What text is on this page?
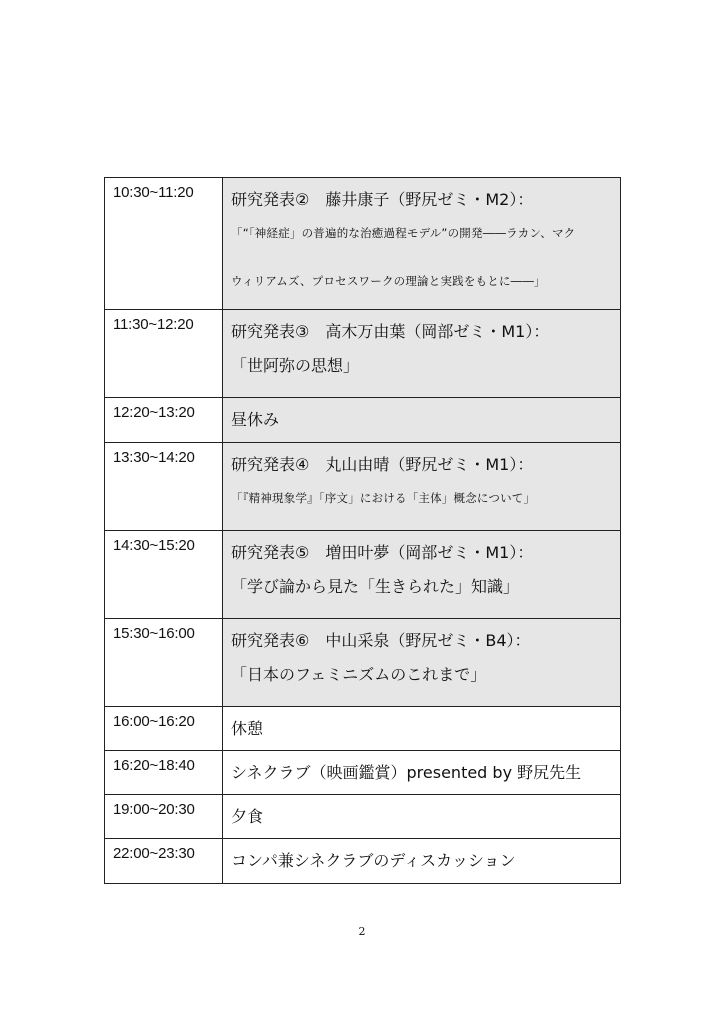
10:30~11:20	研究発表②　藤井康子（野尻ゼミ・M2）：
「“「神経症」の普遍的な治癒過程モデル”の開発――ラカン、マク
ウィリアムズ、プロセスワークの理論と実践をもとに――」

11:30~12:20	研究発表③　高木万由葉（岡部ゼミ・M1）：
「世阿弥の思想」

12:20~13:20	昼休み

13:30~14:20	研究発表④　丸山由晴（野尻ゼミ・M1）：
「『精神現象学』「序文」における「主体」概念について」

14:30~15:20	研究発表⑤　増田叶夢（岡部ゼミ・M1）：
「学び論から見た「生きられた」知識」

15:30~16:00	研究発表⑥　中山采泉（野尻ゼミ・B4）：
「日本のフェミニズムのこれまで」

16:00~16:20	休憩

16:20~18:40	シネクラブ（映画鑑賞）presented by 野尻先生

19:00~20:30	夕食

22:00~23:30	コンパ兼シネクラブのディスカッション
2
